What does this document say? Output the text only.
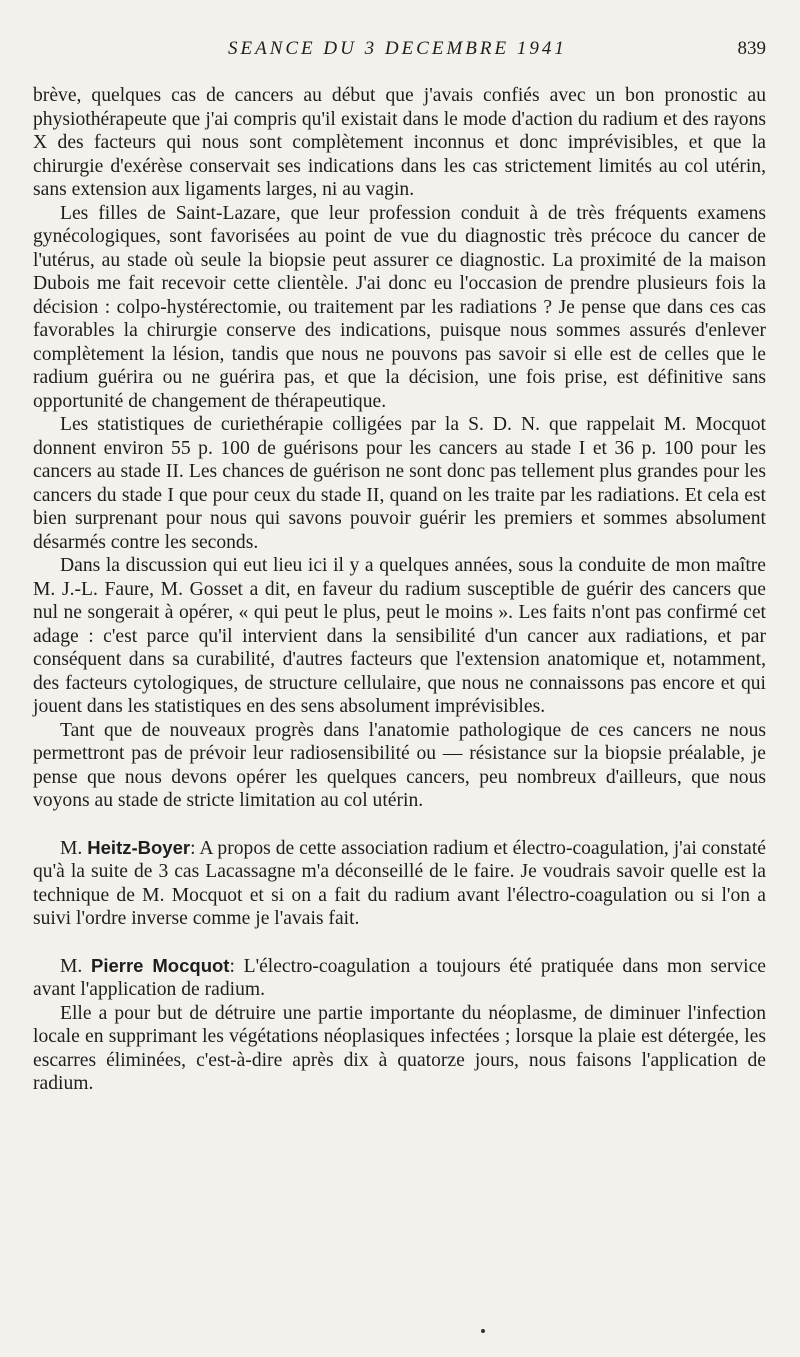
SEANCE DU 3 DECEMBRE 1941	839

brève, quelques cas de cancers au début que j'avais confiés avec un bon pronostic au physiothérapeute que j'ai compris qu'il existait dans le mode d'action du radium et des rayons X des facteurs qui nous sont complètement inconnus et donc imprévisibles, et que la chirurgie d'exérèse conservait ses indications dans les cas strictement limités au col utérin, sans extension aux ligaments larges, ni au vagin.

Les filles de Saint-Lazare, que leur profession conduit à de très fréquents examens gynécologiques, sont favorisées au point de vue du diagnostic très précoce du cancer de l'utérus, au stade où seule la biopsie peut assurer ce diagnostic. La proximité de la maison Dubois me fait recevoir cette clientèle. J'ai donc eu l'occasion de prendre plusieurs fois la décision : colpo-hystérectomie, ou traitement par les radiations ? Je pense que dans ces cas favorables la chirurgie conserve des indications, puisque nous sommes assurés d'enlever complètement la lésion, tandis que nous ne pouvons pas savoir si elle est de celles que le radium guérira ou ne guérira pas, et que la décision, une fois prise, est définitive sans opportunité de changement de thérapeutique.

Les statistiques de curiethérapie colligées par la S. D. N. que rappelait M. Mocquot donnent environ 55 p. 100 de guérisons pour les cancers au stade I et 36 p. 100 pour les cancers au stade II. Les chances de guérison ne sont donc pas tellement plus grandes pour les cancers du stade I que pour ceux du stade II, quand on les traite par les radiations. Et cela est bien surprenant pour nous qui savons pouvoir guérir les premiers et sommes absolument désarmés contre les seconds.

Dans la discussion qui eut lieu ici il y a quelques années, sous la conduite de mon maître M. J.-L. Faure, M. Gosset a dit, en faveur du radium susceptible de guérir des cancers que nul ne songerait à opérer, « qui peut le plus, peut le moins ». Les faits n'ont pas confirmé cet adage : c'est parce qu'il intervient dans la sensibilité d'un cancer aux radiations, et par conséquent dans sa curabilité, d'autres facteurs que l'extension anatomique et, notamment, des facteurs cytologiques, de structure cellulaire, que nous ne connaissons pas encore et qui jouent dans les statistiques en des sens absolument imprévisibles.

Tant que de nouveaux progrès dans l'anatomie pathologique de ces cancers ne nous permettront pas de prévoir leur radiosensibilité ou — résistance sur la biopsie préalable, je pense que nous devons opérer les quelques cancers, peu nombreux d'ailleurs, que nous voyons au stade de stricte limitation au col utérin.

M. Heitz-Boyer: A propos de cette association radium et électro-coagulation, j'ai constaté qu'à la suite de 3 cas Lacassagne m'a déconseillé de le faire. Je voudrais savoir quelle est la technique de M. Mocquot et si on a fait du radium avant l'électro-coagulation ou si l'on a suivi l'ordre inverse comme je l'avais fait.

M. Pierre Mocquot: L'électro-coagulation a toujours été pratiquée dans mon service avant l'application de radium.

Elle a pour but de détruire une partie importante du néoplasme, de diminuer l'infection locale en supprimant les végétations néoplasiques infectées ; lorsque la plaie est détergée, les escarres éliminées, c'est-à-dire après dix à quatorze jours, nous faisons l'application de radium.
